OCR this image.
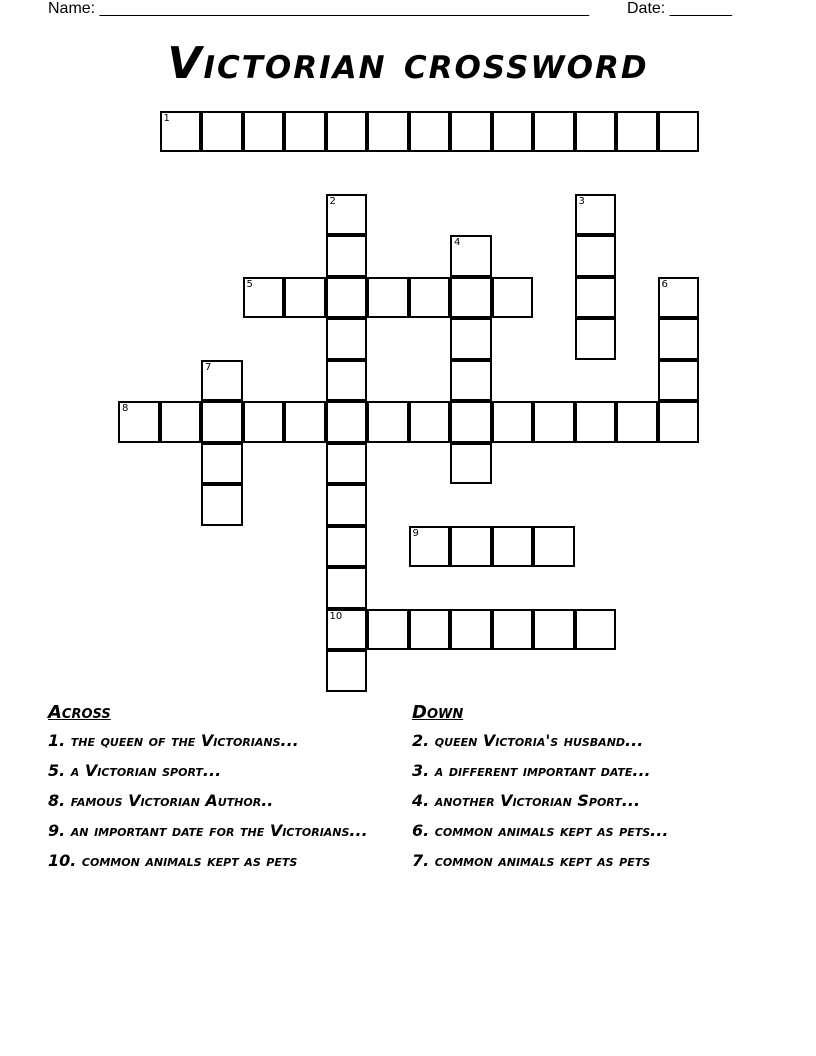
Name: _______________________________________________________ Date: _______
Victorian crossword
1
2
10
3
4
5	6
7
8
9
Across
1. the queen of the Victorians...
5. a Victorian sport...
8. famous Victorian Author..
9. an important date for the Victorians...
10. common animals kept as pets
Down
2. queen Victoria's husband...
3. a different important date...
4. another Victorian Sport...
6. common animals kept as pets...
7. common animals kept as pets
